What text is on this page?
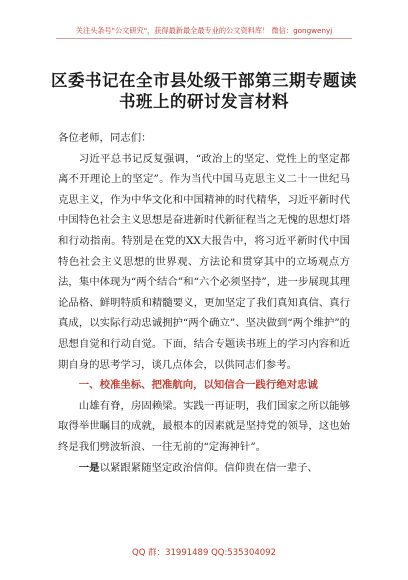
关注头条号"公文研究"，获得最新最全最专业的公文资料库！ 微信：gongwenyj
区委书记在全市县处级干部第三期专题读
书班上的研讨发言材料
各位老师，同志们：

习近平总书记反复强调，“政治上的坚定、党性上的坚定都离不开理论上的坚定”。作为当代中国马克思主义二十一世纪马克思主义，作为中华文化和中国精神的时代精华，习近平新时代中国特色社会主义思想是奋进新时代新征程当之无愧的思想灯塔和行动指南。特别是在党的XX大报告中，将习近平新时代中国特色社会主义思想的世界观、方法论和贯穿其中的立场观点方法，集中体现为“两个结合”和“六个必须坚持”，进一步展现其理论品格、鲜明特质和精髓要义，更加坚定了我们真知真信、真行真成，以实际行动忠诚拥护“两个确立”、坚决做到“两个维护”的思想自觉和行动自觉。下面，结合专题读书班上的学习内容和近期自身的思考学习，谈几点体会，以供同志们参考。

一、校准坐标、把准航向，以知信合一践行绝对忠诚

山雄有脊，房固赖梁。实践一再证明，我们国家之所以能够取得举世瞩目的成就，最根本的因素就是坚持党的领导，这也始终是我们劈波斩浪、一往无前的“定海神针”。

一是以紧跟紧随坚定政治信仰。信仰贵在信一辈子、

QQ 群：31991489 QQ:535304092
